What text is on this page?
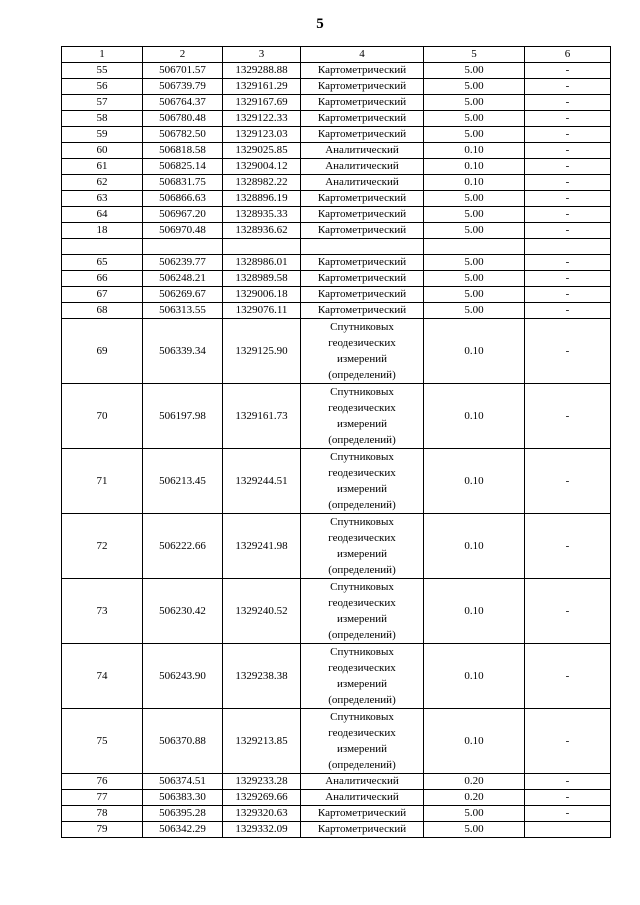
5
1	2	3	4	5	6
55	506701.57	1329288.88	Картометрический	5.00	-
56	506739.79	1329161.29	Картометрический	5.00	-
57	506764.37	1329167.69	Картометрический	5.00	-
58	506780.48	1329122.33	Картометрический	5.00	-
59	506782.50	1329123.03	Картометрический	5.00	-
60	506818.58	1329025.85	Аналитический	0.10	-
61	506825.14	1329004.12	Аналитический	0.10	-
62	506831.75	1328982.22	Аналитический	0.10	-
63	506866.63	1328896.19	Картометрический	5.00	-
64	506967.20	1328935.33	Картометрический	5.00	-
18	506970.48	1328936.62	Картометрический	5.00	-

65	506239.77	1328986.01	Картометрический	5.00	-
66	506248.21	1328989.58	Картометрический	5.00	-
67	506269.67	1329006.18	Картометрический	5.00	-
68	506313.55	1329076.11	Картометрический	5.00	-
69	506339.34	1329125.90	Спутниковых
геодезических
измерений
(определений)	0.10	-
70	506197.98	1329161.73	Спутниковых
геодезических
измерений
(определений)	0.10	-
71	506213.45	1329244.51	Спутниковых
геодезических
измерений
(определений)	0.10	-
72	506222.66	1329241.98	Спутниковых
геодезических
измерений
(определений)	0.10	-
73	506230.42	1329240.52	Спутниковых
геодезических
измерений
(определений)	0.10	-
74	506243.90	1329238.38	Спутниковых
геодезических
измерений
(определений)	0.10	-
75	506370.88	1329213.85	Спутниковых
геодезических
измерений
(определений)	0.10	-
76	506374.51	1329233.28	Аналитический	0.20	-
77	506383.30	1329269.66	Аналитический	0.20	-
78	506395.28	1329320.63	Картометрический	5.00	-
79	506342.29	1329332.09	Картометрический	5.00	
